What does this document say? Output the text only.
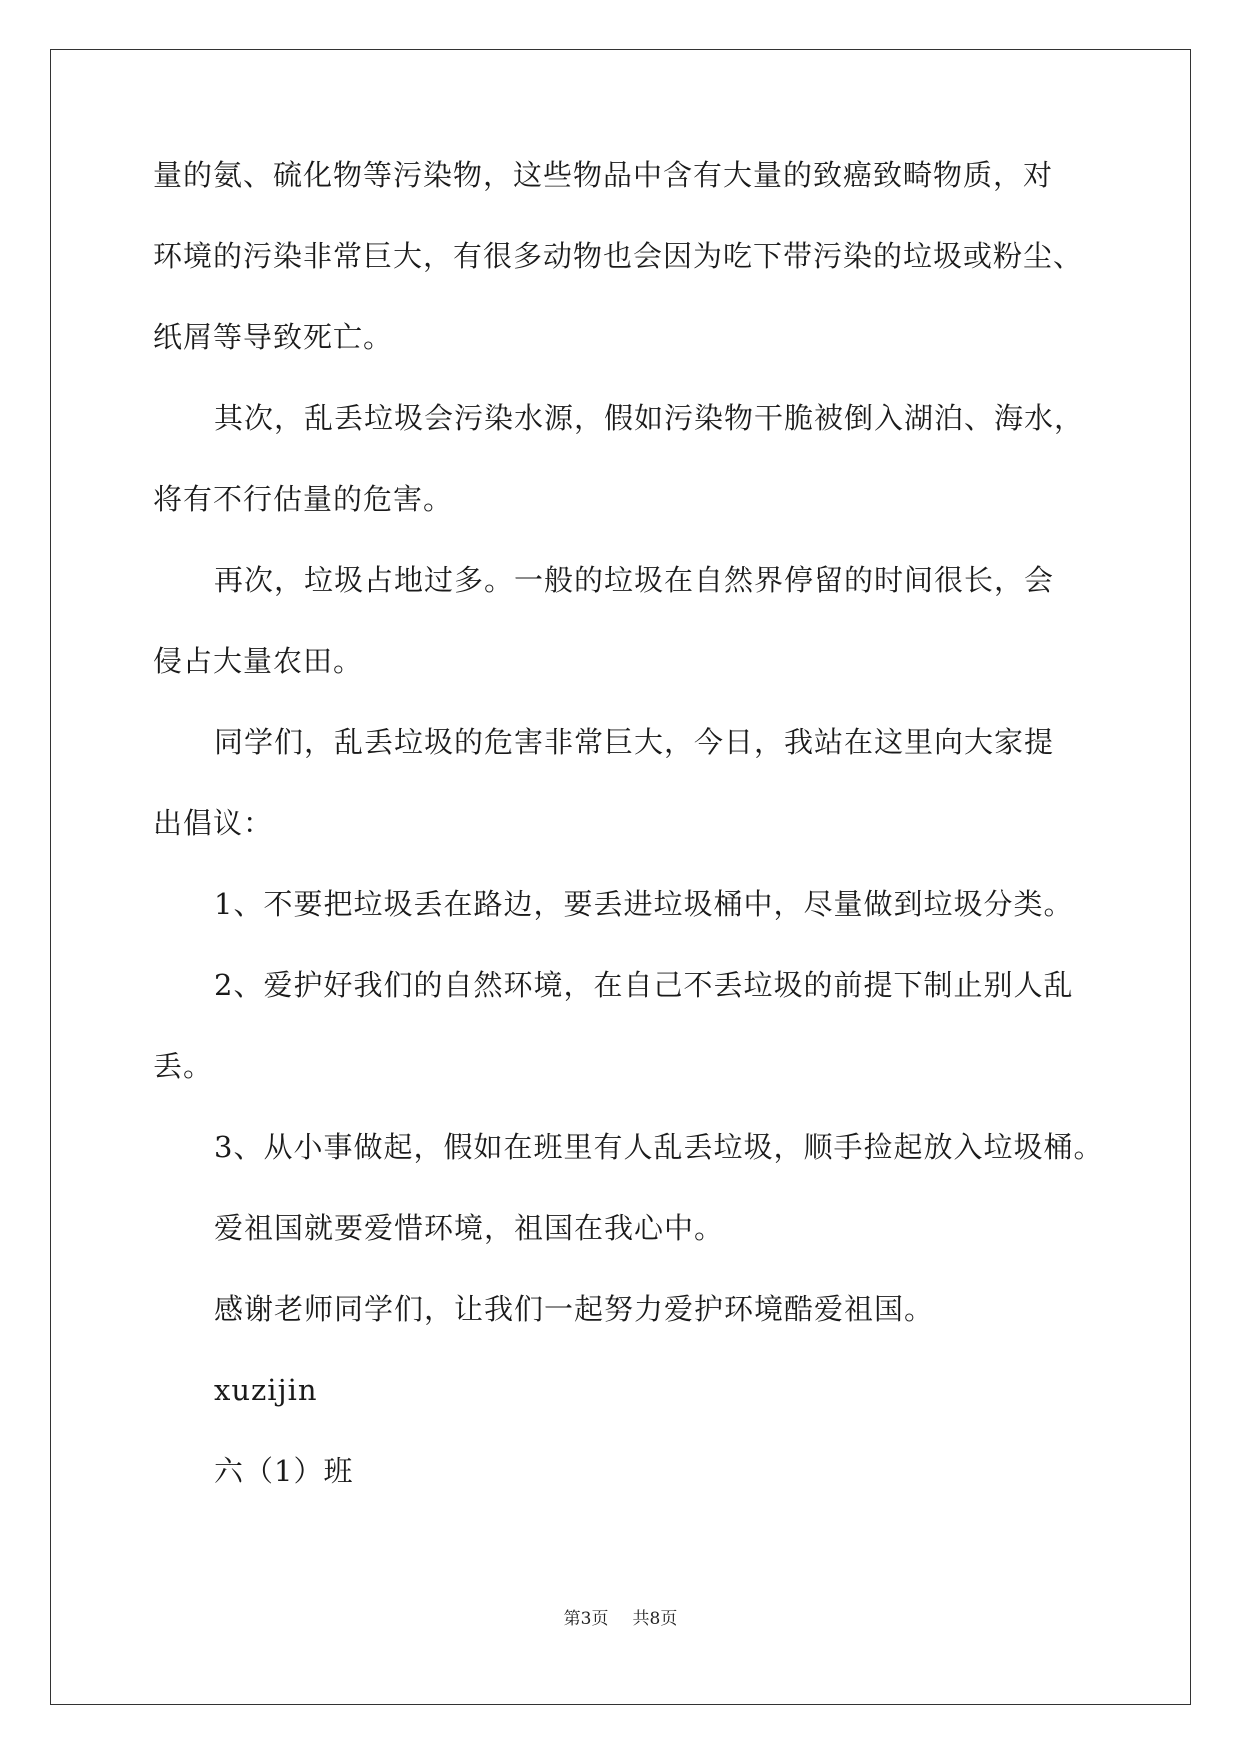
量的氨、硫化物等污染物，这些物品中含有大量的致癌致畸物质，对
环境的污染非常巨大，有很多动物也会因为吃下带污染的垃圾或粉尘、
纸屑等导致死亡。
其次，乱丢垃圾会污染水源，假如污染物干脆被倒入湖泊、海水，
将有不行估量的危害。
再次，垃圾占地过多。一般的垃圾在自然界停留的时间很长，会
侵占大量农田。
同学们，乱丢垃圾的危害非常巨大，今日，我站在这里向大家提
出倡议：
1、不要把垃圾丢在路边，要丢进垃圾桶中，尽量做到垃圾分类。
2、爱护好我们的自然环境，在自己不丢垃圾的前提下制止别人乱
丢。
3、从小事做起，假如在班里有人乱丢垃圾，顺手捡起放入垃圾桶。
爱祖国就要爱惜环境，祖国在我心中。
感谢老师同学们，让我们一起努力爱护环境酷爱祖国。
xuzijin
六（1）班
第3页 共8页
